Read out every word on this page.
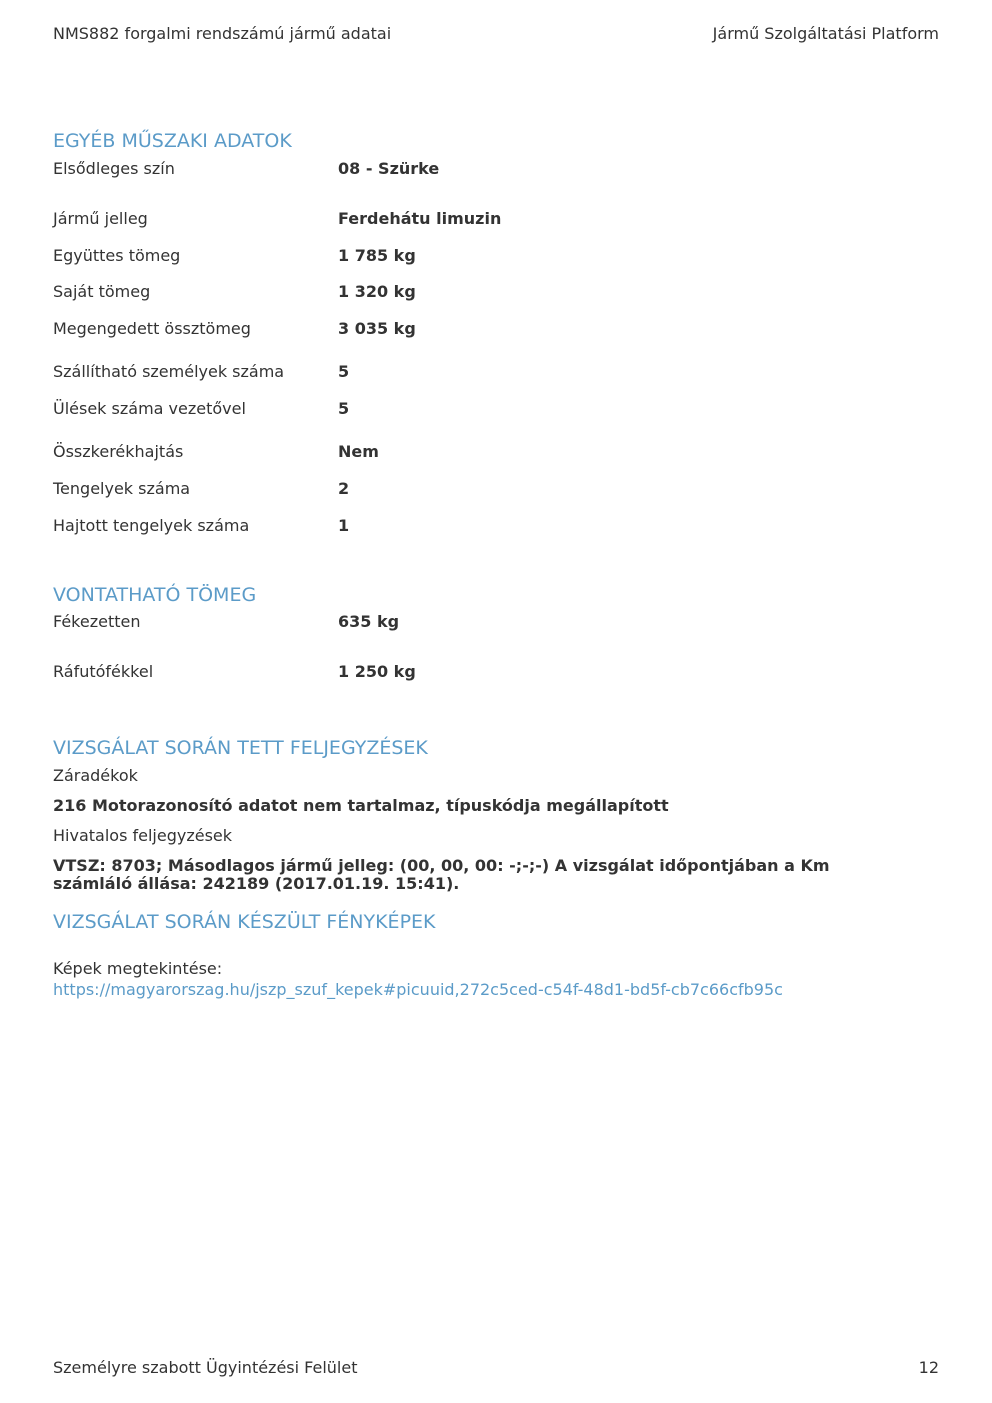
NMS882 forgalmi rendszámú jármű adatai	Jármű Szolgáltatási Platform
EGYÉB MŰSZAKI ADATOK
Elsődleges szín	08 - Szürke
Jármű jelleg	Ferdehátu limuzin
Együttes tömeg	1 785 kg
Saját tömeg	1 320 kg
Megengedett össztömeg	3 035 kg
Szállítható személyek száma	5
Ülések száma vezetővel	5
Összkerékhajtás	Nem
Tengelyek száma	2
Hajtott tengelyek száma	1
VONTATHATÓ TÖMEG
Fékezetten	635 kg
Ráfutófékkel	1 250 kg
VIZSGÁLAT SORÁN TETT FELJEGYZÉSEK
Záradékok
216 Motorazonosító adatot nem tartalmaz, típuskódja megállapított
Hivatalos feljegyzések
VTSZ: 8703; Másodlagos jármű jelleg: (00, 00, 00: -;-;-) A vizsgálat időpontjában a Km számláló állása: 242189 (2017.01.19. 15:41).
VIZSGÁLAT SORÁN KÉSZÜLT FÉNYKÉPEK
Képek megtekintése:
https://magyarorszag.hu/jszp_szuf_kepek#picuuid,272c5ced-c54f-48d1-bd5f-cb7c66cfb95c
Személyre szabott Ügyintézési Felület	12
